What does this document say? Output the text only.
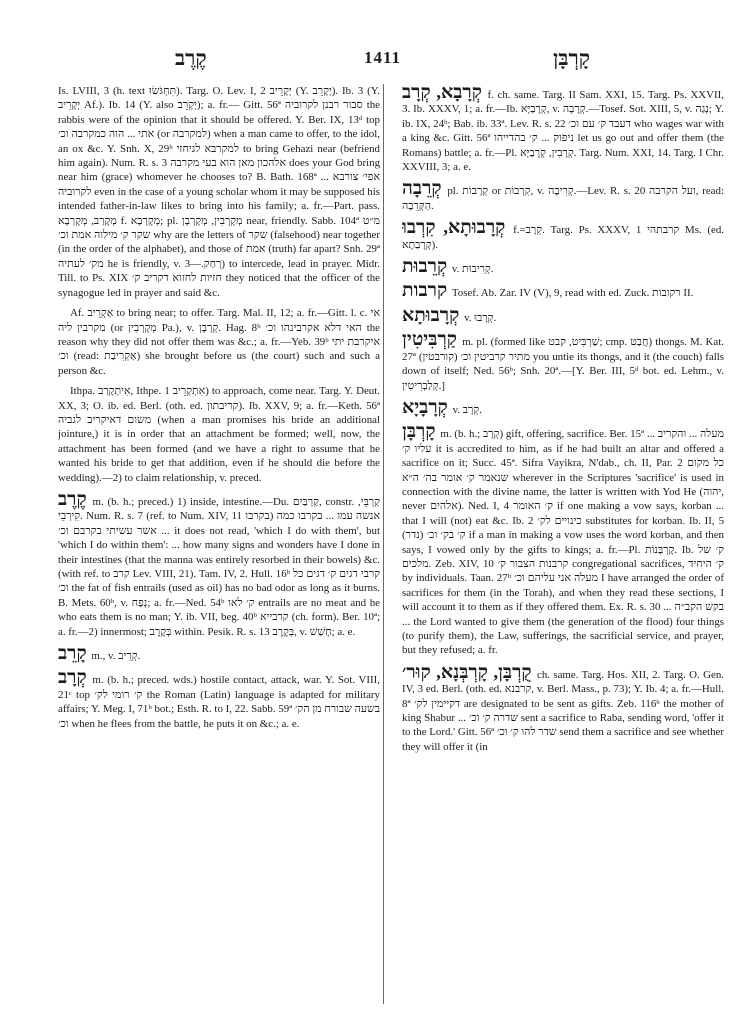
קֶרֶב	1411	קָרְבָּן

Is. LVIII, 3 (h. text תִּחְגֹּשׂוּ). Targ. O. Lev. I, 2 יְקָרֵיב (Y. יְקָרֵב). Ib. 3 (Y. יְקָרֵיב Af.). Ib. 14 (Y. also יְקָרֵב); a. fr.— Gitt. 56ª סבור רבנן לקרוביה the rabbis were of the opinion that it should be offered. Y. Ber. IX, 13ᵈ top אתי ... הוה כמקרבה וכ׳ (or למקרבה) when a man came to offer, to the idol, an ox &c. Y. Snh. X, 29ᵇ למקרבא לגיחזי to bring Gehazi near (befriend him again). Num. R. s. 3 אלהכון מאן הוא בעי מקרבה does your God bring near him (grace) whomever he chooses to? B. Bath. 168ª אפי׳ צורבא ... לקרוביה even in the case of a young scholar whom it may be supposed his intended father-in-law likes to bring into his family; a. fr.—Part. pass. מְקָרַב, מְקָרְבָא f. מְקָרְבָא; pl. מְקָרְבִין, מְקָרְבָן near, friendly. Sabb. 104ª מ״ט שקר ק׳ מילוה אמת וכ׳ why are the letters of שקר (falsehood) near together (in the order of the alphabet), and those of אמת (truth) far apart? Snh. 29ª מק׳ לעתיה he is friendly, v. רְחַק.—3) to intercede, lead in prayer. Midr. Till. to Ps. XIX חזיות לחזוא דקריב ק׳ they noticed that the officer of the synagogue led in prayer and said &c.

Af. אַקְרֵיב to bring near; to offer. Targ. Mal. II, 12; a. fr.—Gitt. l. c. אי מקרבין ליה (or מְקָרְבִין Pa.), v. קְרָבָן. Hag. 8ᵇ האי דלא אקרבינהו וכ׳ the reason why they did not offer them was &c.; a. fr.—Yeb. 39ᵇ איקרבת יתי וכ׳ (read: אַקְרִיבַת) she brought before us (the court) such and such a person &c.

Ithpa. אִיתְקָרַב, Ithpe. אִתְקְרֵיב 1) to approach, come near. Targ. Y. Deut. XX, 3; O. ib. ed. Berl. (oth. ed. קריבתון). Ib. XXV, 9; a. fr.—Keth. 56ª משום דאיקריב לגביה (when a man promises his bride an additional jointure,) it is in order that an attachment be formed; well, now, the attachment has been formed (and we have a right to assume that he wanted his bride to get that addition, even if he should die before the wedding).—2) to claim relationship, v. preced.

קֶרֶב m. (b. h.; preced.) 1) inside, intestine.—Du. קַרְבַּיִם, constr. קַרְבֵּי, קִירְבֵי. Num. R. s. 7 (ref. to Num. XIV, 11 בקרבו) אנשה עמו ... בקרבו כמה ... אשר עשיתי בקרבם וכ׳ it does not read, 'which I do with them', but 'which I do within them': ... how many signs and wonders have I done in their intestines (that the manna was entirely resorbed in their bowels) &c. (with ref. to קרב Lev. VIII, 21). Tam. IV, 2. Hull. 16ᵇ קרבי דגים ק׳ דגים כל וכ׳ the fat of fish entrails (used as oil) has no bad odor as long as it burns. B. Mets. 60ᵇ, v. נְפַח; a. fr.—Ned. 54ᵇ ק׳ לאו entrails are no meat and he who eats them is no man; Y. ib. VII, beg. 40ᵇ קרבייא (ch. form). Ber. 10ª; a. fr.—2) innermost; בְּקֶרֶב within. Pesik. R. s. 13 בְּקֶרֶב, v. חָשַׁשׁ; a. e.

קָרֵב m., v. קְרֵיב.

קְרָב m. (b. h.; preced. wds.) hostile contact, attack, war. Y. Sot. VIII, 21ᶜ top ק׳ רומי לק׳ the Roman (Latin) language is adapted for military affairs; Y. Meg. I, 71ᵇ bot.; Esth. R. to I, 22. Sabb. 59ª בשעה שבורח מן הק׳ וכ׳ when he flees from the battle, he puts it on &c.; a. e.

קְרָבָא, קְרָב f. ch. same. Targ. II Sam. XXI, 15. Targ. Ps. XXVII, 3. Ib. XXXV, 1; a. fr.—Ib. קְרָבַיָּא, v. קְרָבָה.—Tosef. Sot. XIII, 5, v. נְגַה; Y. ib. IX, 24ᵇ; Bab. ib. 33ª. Lev. R. s. 22 דעבד ק׳ עם וכ׳ who wages war with a king &c. Gitt. 56ª ניפוק ... ק׳ בהדייהו let us go out and offer them (the Romans) battle; a. fr.—Pl. קְרָבִין, קְרָבַיָּא. Targ. Num. XXI, 14. Targ. I Chr. XXVIII, 3; a. e.

קְרֵבָה pl. קְרָבוֹת or קִרְבוֹת, v. קְרִיבָה.—Lev. R. s. 20 ועל הקרבה, read: הַקְּרֵבָה.

קְרָבוּתָא, קִרְבוּ f.=קְרָב. Targ. Ps. XXXV, 1 קרבתהי Ms. (ed. קְרָבַתָא).

קְרֵבוּת v. קְרִיבוּת.

קרבות Tosef. Ab. Zar. IV (V), 9, read with ed. Zuck. רקובות II.

קְרָבוּתָא v. קְרָבוּ.

קַרְבִּיטִין m. pl. (formed like שַׁרְבִּיט, קבט; cmp. חֲבַט) thongs. M. Kat. 27ª מתיר קרביטין וכ׳ (קורבטין) you untie its thongs, and it (the couch) falls down of itself; Ned. 56ᵇ; Snh. 20ª.—[Y. Ber. III, 5ᵈ bot. ed. Lehm., v. קְלַבְרִיטִין.]

קְרָבָיָא v. קְרָב.

קָרְבָּן m. (b. h.; קְרָב) gift, offering, sacrifice. Ber. 15ª ... מעלה ... והקריב עליו ק׳ it is accredited to him, as if he had built an altar and offered a sacrifice on it; Succ. 45ª. Sifra Vayikra, N'dab., ch. II, Par. 2 כל מקום שנאמר ק׳ אומר בה׳ ה״א wherever in the Scriptures 'sacrifice' is used in connection with the divine name, the latter is written with Yod He (יהוה, never אלהים). Ned. I, 4 ק׳ האומר if one making a vow says, korban ... that I will (not) eat &c. Ib. 2 כינויים לק׳ substitutes for korban. Ib. II, 5 (נדר) ק׳ בק׳ וכ׳ if a man in making a vow uses the word korban, and then says, I vowed only by the gifts to kings; a. fr.—Pl. קָרְבָּנוֹת. Ib. ק׳ של מלכים. Zeb. XIV, 10 קרבנות הצבור ק׳ congregational sacrifices, ק׳ היחיד by individuals. Taan. 27ᵇ מעלה אני עליהם וכ׳ I have arranged the order of sacrifices for them (in the Torah), and when they read these sections, I will account it to them as if they offered them. Ex. R. s. 30 ... בקש הקב״ה ... the Lord wanted to give them (the generation of the flood) four things (to purify them), the Law, sufferings, the sacrificial service, and prayer, but they refused; a. fr.

קֻרְבָּן, קָרְבְּנָא, קוּר׳ ch. same. Targ. Hos. XII, 2. Targ. O. Gen. IV, 3 ed. Berl. (oth. ed. קרבנא, v. Berl. Mass., p. 73); Y. Ib. 4; a. fr.—Hull. 8ª דקיימין לק׳ are designated to be sent as gifts. Zeb. 116ᵇ the mother of king Shabur ... שדרה ק׳ וכ׳ sent a sacrifice to Raba, sending word, 'offer it to the Lord.' Gitt. 56ª שדר להו ק׳ וכ׳ send them a sacrifice and see whether they will offer it (in
